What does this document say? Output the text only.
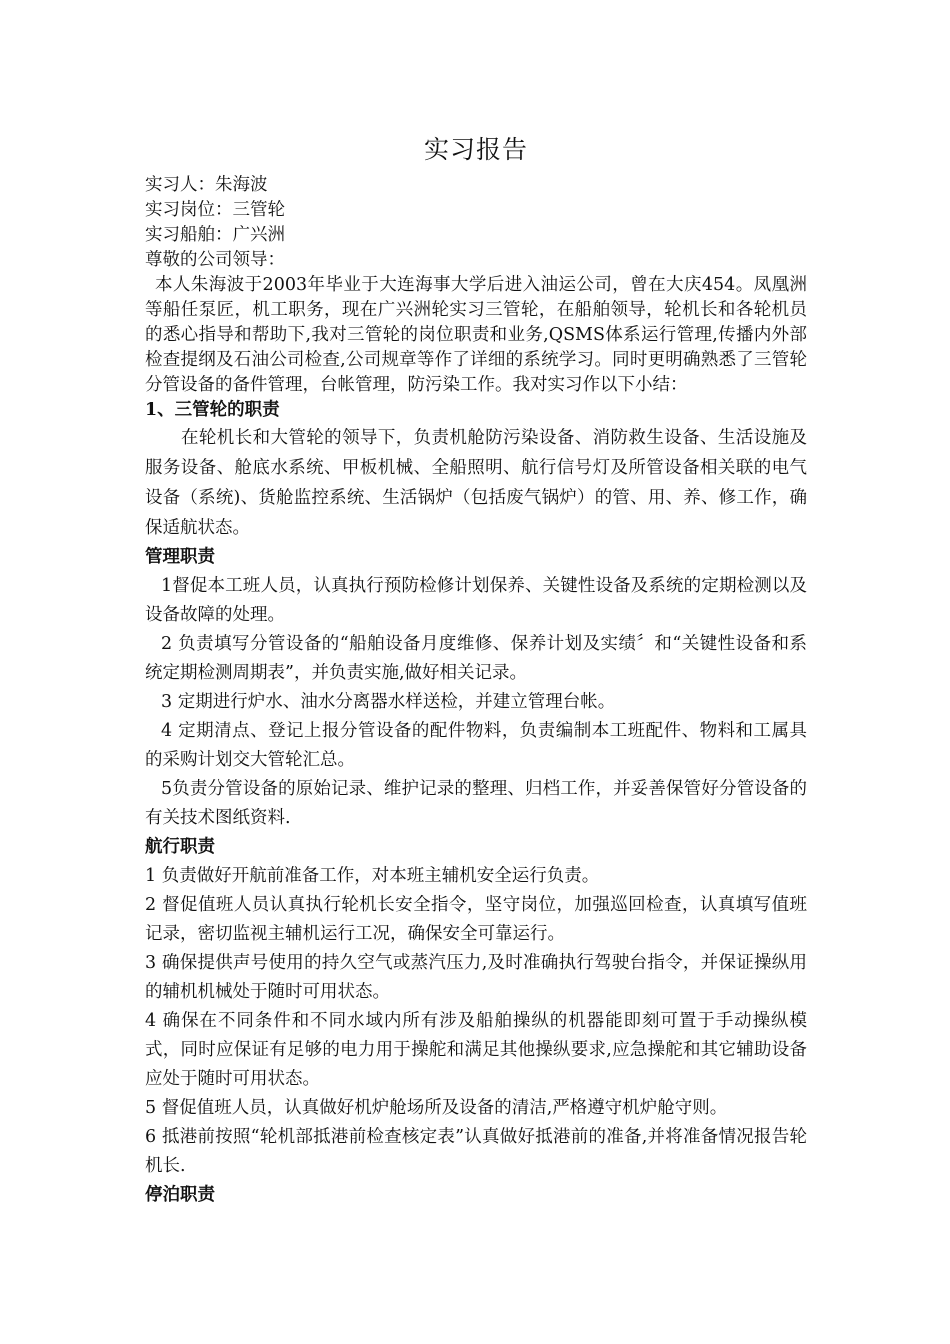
实习报告

实习人：朱海波

实习岗位：三管轮

实习船舶：广兴洲

尊敬的公司领导：

本人朱海波于2003年毕业于大连海事大学后进入油运公司，曾在大庆454。凤凰洲等船任泵匠，机工职务，现在广兴洲轮实习三管轮，在船舶领导，轮机长和各轮机员的悉心指导和帮助下,我对三管轮的岗位职责和业务,QSMS体系运行管理,传播内外部检查提纲及石油公司检查,公司规章等作了详细的系统学习。同时更明确熟悉了三管轮分管设备的备件管理，台帐管理，防污染工作。我对实习作以下小结：

1、三管轮的职责

在轮机长和大管轮的领导下，负责机舱防污染设备、消防救生设备、生活设施及服务设备、舱底水系统、甲板机械、全船照明、航行信号灯及所管设备相关联的电气设备（系统)、货舱监控系统、生活锅炉（包括废气锅炉）的管、用、养、修工作，确保适航状态。

管理职责

1督促本工班人员，认真执行预防检修计划保养、关键性设备及系统的定期检测以及设备故障的处理。

2 负责填写分管设备的“船舶设备月度维修、保养计划及实绩〞和“关键性设备和系统定期检测周期表”，并负责实施,做好相关记录。

3 定期进行炉水、油水分离器水样送检，并建立管理台帐。

4 定期清点、登记上报分管设备的配件物料，负责编制本工班配件、物料和工属具的采购计划交大管轮汇总。

5负责分管设备的原始记录、维护记录的整理、归档工作，并妥善保管好分管设备的有关技术图纸资料.

航行职责

1 负责做好开航前准备工作，对本班主辅机安全运行负责。

2 督促值班人员认真执行轮机长安全指令，坚守岗位，加强巡回检查，认真填写值班记录，密切监视主辅机运行工况，确保安全可靠运行。

3 确保提供声号使用的持久空气或蒸汽压力,及时准确执行驾驶台指令，并保证操纵用的辅机机械处于随时可用状态。

4 确保在不同条件和不同水域内所有涉及船舶操纵的机器能即刻可置于手动操纵模式，同时应保证有足够的电力用于操舵和满足其他操纵要求,应急操舵和其它辅助设备应处于随时可用状态。

5 督促值班人员，认真做好机炉舱场所及设备的清洁,严格遵守机炉舱守则。

6 抵港前按照“轮机部抵港前检查核定表”认真做好抵港前的准备,并将准备情况报告轮机长.

停泊职责
